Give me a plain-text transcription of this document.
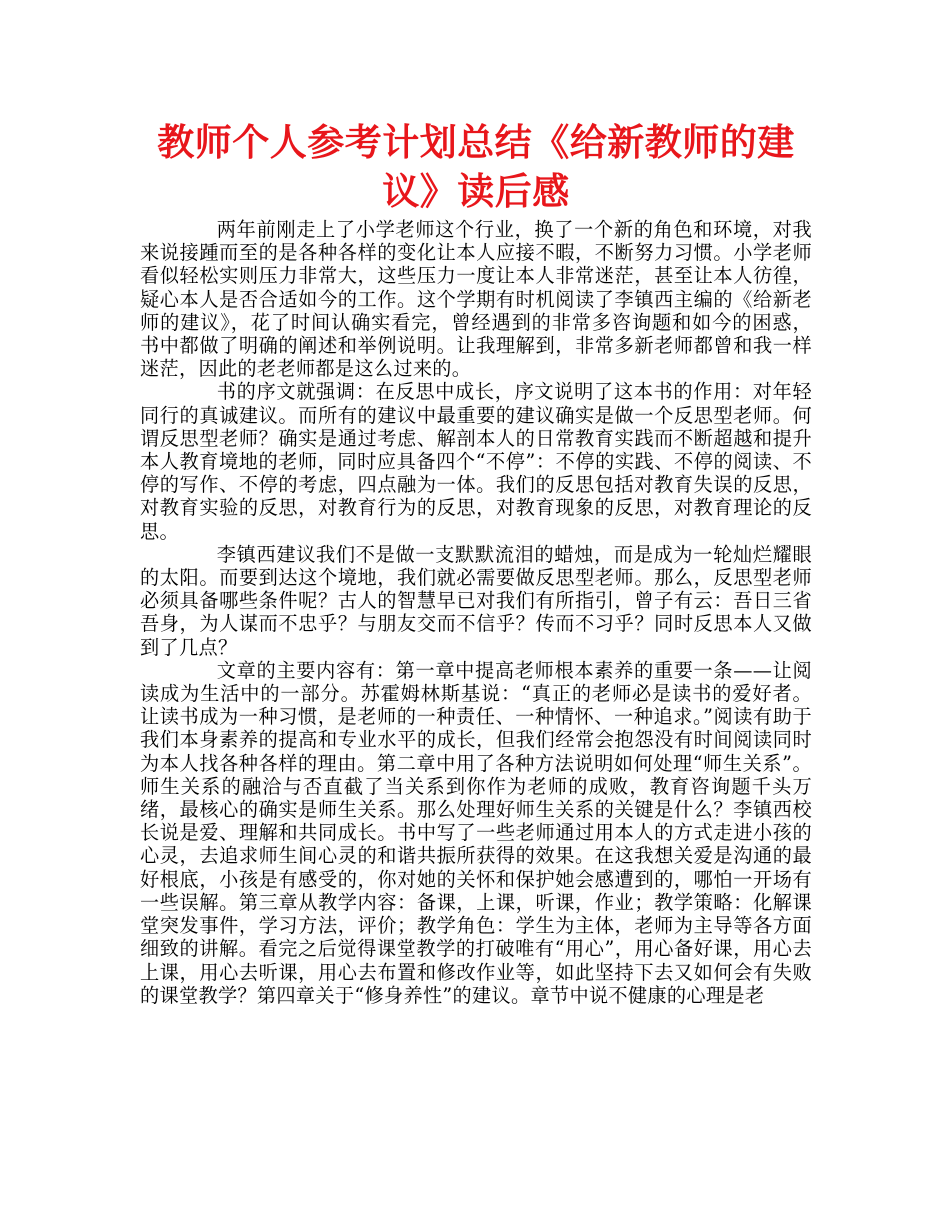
教师个人参考计划总结《给新教师的建议》读后感

两年前刚走上了小学老师这个行业，换了一个新的角色和环境，对我来说接踵而至的是各种各样的变化让本人应接不暇，不断努力习惯。小学老师看似轻松实则压力非常大，这些压力一度让本人非常迷茫，甚至让本人彷徨，疑心本人是否合适如今的工作。这个学期有时机阅读了李镇西主编的《给新老师的建议》，花了时间认确实看完，曾经遇到的非常多咨询题和如今的困惑，书中都做了明确的阐述和举例说明。让我理解到，非常多新老师都曾和我一样迷茫，因此的老老师都是这么过来的。

书的序文就强调：在反思中成长，序文说明了这本书的作用：对年轻同行的真诚建议。而所有的建议中最重要的建议确实是做一个反思型老师。何谓反思型老师？确实是通过考虑、解剖本人的日常教育实践而不断超越和提升本人教育境地的老师，同时应具备四个“不停”：不停的实践、不停的阅读、不停的写作、不停的考虑，四点融为一体。我们的反思包括对教育失误的反思，对教育实验的反思，对教育行为的反思，对教育现象的反思，对教育理论的反思。

李镇西建议我们不是做一支默默流泪的蜡烛，而是成为一轮灿烂耀眼的太阳。而要到达这个境地，我们就必需要做反思型老师。那么，反思型老师必须具备哪些条件呢？古人的智慧早已对我们有所指引，曾子有云：吾日三省吾身，为人谋而不忠乎？与朋友交而不信乎？传而不习乎？同时反思本人又做到了几点？

文章的主要内容有：第一章中提高老师根本素养的重要一条——让阅读成为生活中的一部分。苏霍姆林斯基说：“真正的老师必是读书的爱好者。让读书成为一种习惯，是老师的一种责任、一种情怀、一种追求。”阅读有助于我们本身素养的提高和专业水平的成长，但我们经常会抱怨没有时间阅读同时为本人找各种各样的理由。第二章中用了各种方法说明如何处理“师生关系”。师生关系的融洽与否直截了当关系到你作为老师的成败，教育咨询题千头万绪，最核心的确实是师生关系。那么处理好师生关系的关键是什么？李镇西校长说是爱、理解和共同成长。书中写了一些老师通过用本人的方式走进小孩的心灵，去追求师生间心灵的和谐共振所获得的效果。在这我想关爱是沟通的最好根底，小孩是有感受的，你对她的关怀和保护她会感遭到的，哪怕一开场有一些误解。第三章从教学内容：备课，上课，听课，作业；教学策略：化解课堂突发事件，学习方法，评价；教学角色：学生为主体，老师为主导等各方面细致的讲解。看完之后觉得课堂教学的打破唯有“用心”，用心备好课，用心去上课，用心去听课，用心去布置和修改作业等，如此坚持下去又如何会有失败的课堂教学？第四章关于“修身养性”的建议。章节中说不健康的心理是老
